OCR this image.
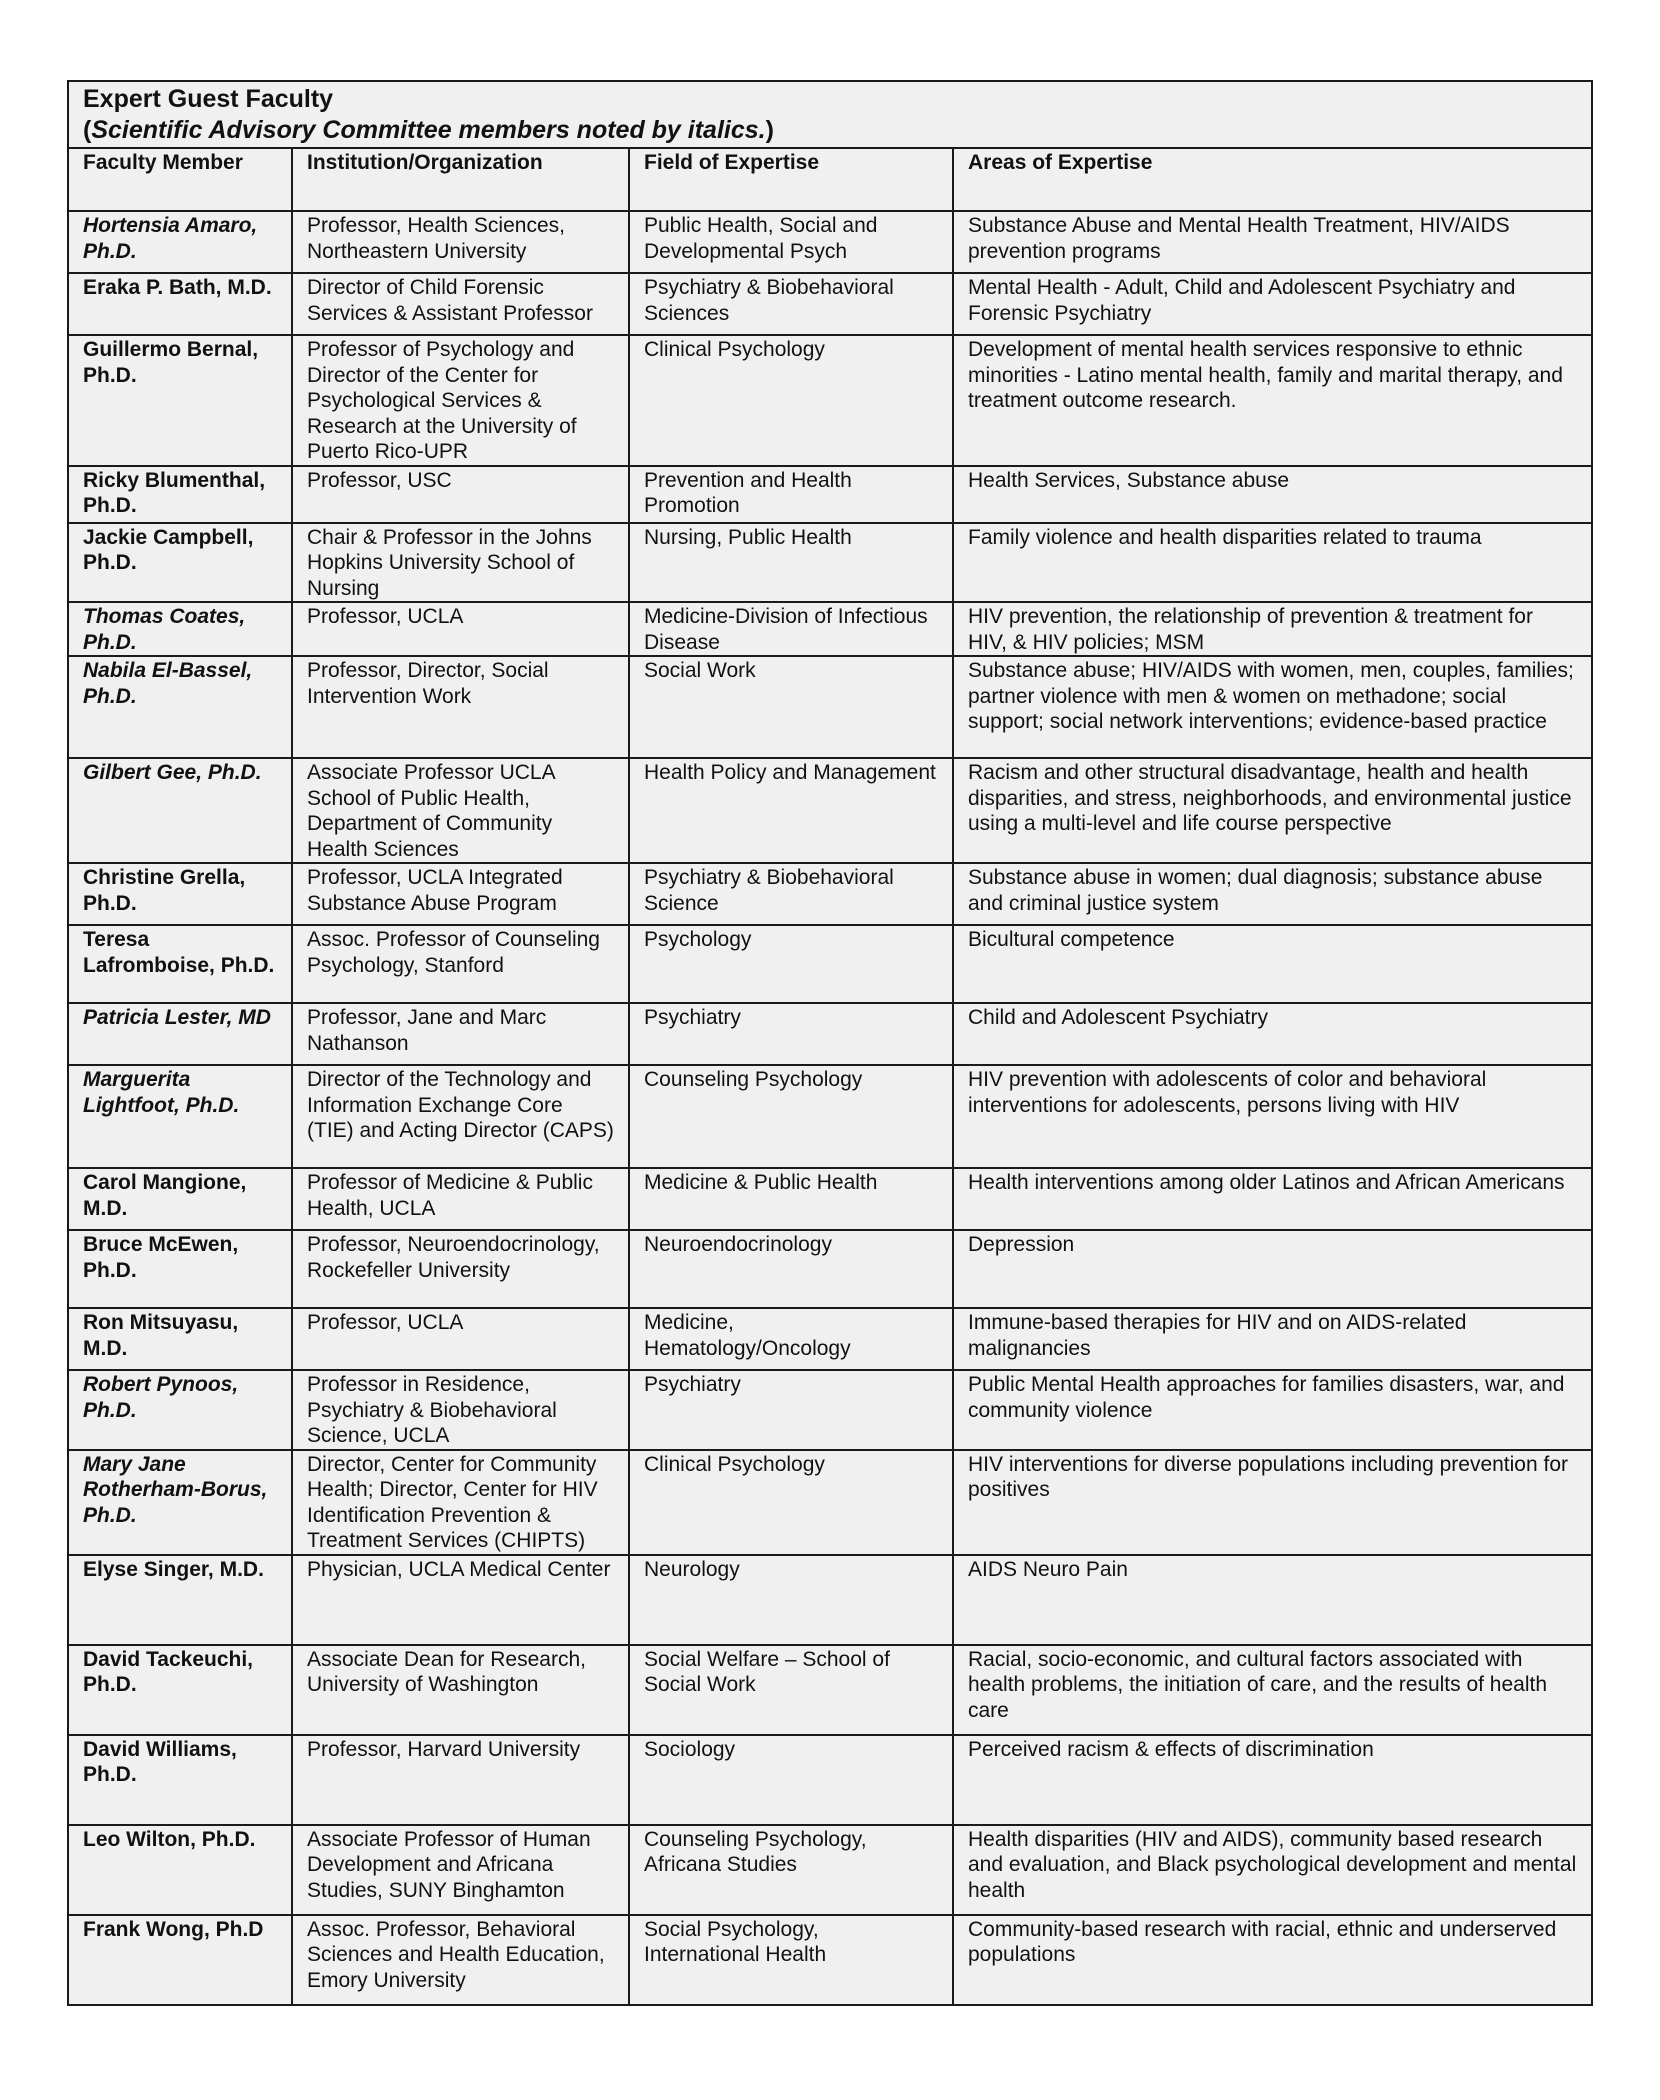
Expert Guest Faculty
(Scientific Advisory Committee members noted by italics.)			

Faculty Member	Institution/Organization	Field of Expertise	Areas of Expertise
Hortensia Amaro, Ph.D.	Professor, Health Sciences, Northeastern University	Public Health, Social and Developmental Psych	Substance Abuse and Mental Health Treatment, HIV/AIDS prevention programs
Eraka P. Bath, M.D.	Director of Child Forensic Services & Assistant Professor	Psychiatry & Biobehavioral Sciences	Mental Health - Adult, Child and Adolescent Psychiatry and Forensic Psychiatry
Guillermo Bernal, Ph.D.	Professor of Psychology and Director of the Center for Psychological Services & Research at the University of Puerto Rico-UPR	Clinical Psychology	Development of mental health services responsive to ethnic minorities - Latino mental health, family and marital therapy, and treatment outcome research.
Ricky Blumenthal, Ph.D.	Professor, USC	Prevention and Health Promotion	Health Services, Substance abuse
Jackie Campbell, Ph.D.	Chair & Professor in the Johns Hopkins University School of Nursing	Nursing, Public Health	Family violence and health disparities related to trauma
Thomas Coates, Ph.D.	Professor, UCLA	Medicine-Division of Infectious Disease	HIV prevention, the relationship of prevention & treatment for HIV, & HIV policies; MSM
Nabila El-Bassel, Ph.D.	Professor, Director, Social Intervention Work	Social Work	Substance abuse; HIV/AIDS with women, men, couples, families; partner violence with men & women on methadone; social support; social network interventions; evidence-based practice
Gilbert Gee, Ph.D.	Associate Professor UCLA School of Public Health, Department of Community Health Sciences	Health Policy and Management	Racism and other structural disadvantage, health and health disparities, and stress, neighborhoods, and environmental justice using a multi-level and life course perspective
Christine Grella, Ph.D.	Professor, UCLA Integrated Substance Abuse Program	Psychiatry & Biobehavioral Science	Substance abuse in women; dual diagnosis; substance abuse and criminal justice system
Teresa Lafromboise, Ph.D.	Assoc. Professor of Counseling Psychology, Stanford	Psychology	Bicultural competence
Patricia Lester, MD	Professor, Jane and Marc Nathanson	Psychiatry	Child and Adolescent Psychiatry
Marguerita Lightfoot, Ph.D.	Director of the Technology and Information Exchange Core (TIE) and Acting Director (CAPS)	Counseling Psychology	HIV prevention with adolescents of color and behavioral interventions for adolescents, persons living with HIV
Carol Mangione, M.D.	Professor of Medicine & Public Health, UCLA	Medicine & Public Health	Health interventions among older Latinos and African Americans
Bruce McEwen, Ph.D.	Professor, Neuroendocrinology, Rockefeller University	Neuroendocrinology	Depression
Ron Mitsuyasu, M.D.	Professor, UCLA	Medicine, Hematology/Oncology	Immune-based therapies for HIV and on AIDS-related malignancies
Robert Pynoos, Ph.D.	Professor in Residence, Psychiatry & Biobehavioral Science, UCLA	Psychiatry	Public Mental Health approaches for families disasters, war, and community violence
Mary Jane Rotherham-Borus, Ph.D.	Director, Center for Community Health; Director, Center for HIV Identification Prevention & Treatment Services (CHIPTS)	Clinical Psychology	HIV interventions for diverse populations including prevention for positives
Elyse Singer, M.D.	Physician, UCLA Medical Center	Neurology	AIDS Neuro Pain
David Tackeuchi, Ph.D.	Associate Dean for Research, University of Washington	Social Welfare – School of Social Work	Racial, socio-economic, and cultural factors associated with health problems, the initiation of care, and the results of health care
David Williams, Ph.D.	Professor, Harvard University	Sociology	Perceived racism & effects of discrimination
Leo Wilton, Ph.D.	Associate Professor of Human Development and Africana Studies, SUNY Binghamton	Counseling Psychology, Africana Studies	Health disparities (HIV and AIDS), community based research and evaluation, and Black psychological development and mental health
Frank Wong, Ph.D	Assoc. Professor, Behavioral Sciences and Health Education, Emory University	Social Psychology, International Health	Community-based research with racial, ethnic and underserved populations
